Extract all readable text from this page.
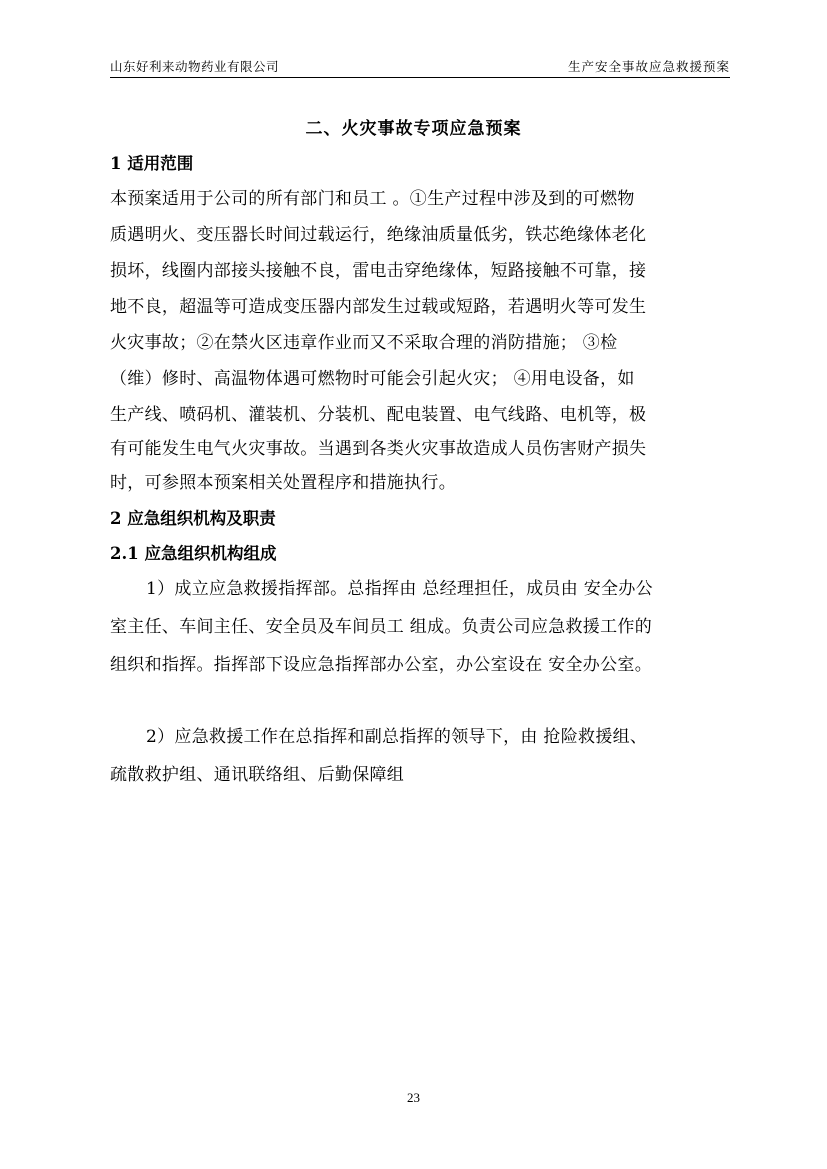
山东好利来动物药业有限公司	生产安全事故应急救援预案
二、火灾事故专项应急预案
1 适用范围
本预案适用于公司的所有部门和员工 。①生产过程中涉及到的可燃物
质遇明火、变压器长时间过载运行，绝缘油质量低劣，铁芯绝缘体老化
损坏，线圈内部接头接触不良，雷电击穿绝缘体，短路接触不可靠，接
地不良，超温等可造成变压器内部发生过载或短路，若遇明火等可发生
火灾事故；②在禁火区违章作业而又不采取合理的消防措施； ③检
（维）修时、高温物体遇可燃物时可能会引起火灾； ④用电设备，如
生产线、喷码机、灌装机、分装机、配电装置、电气线路、电机等，极
有可能发生电气火灾事故。当遇到各类火灾事故造成人员伤害财产损失
时，可参照本预案相关处置程序和措施执行。
2 应急组织机构及职责
2.1 应急组织机构组成
1）成立应急救援指挥部。总指挥由 总经理担任，成员由 安全办公
室主任、车间主任、安全员及车间员工 组成。负责公司应急救援工作的
组织和指挥。指挥部下设应急指挥部办公室，办公室设在 安全办公室。
2）应急救援工作在总指挥和副总指挥的领导下，由 抢险救援组、
疏散救护组、通讯联络组、后勤保障组
23
